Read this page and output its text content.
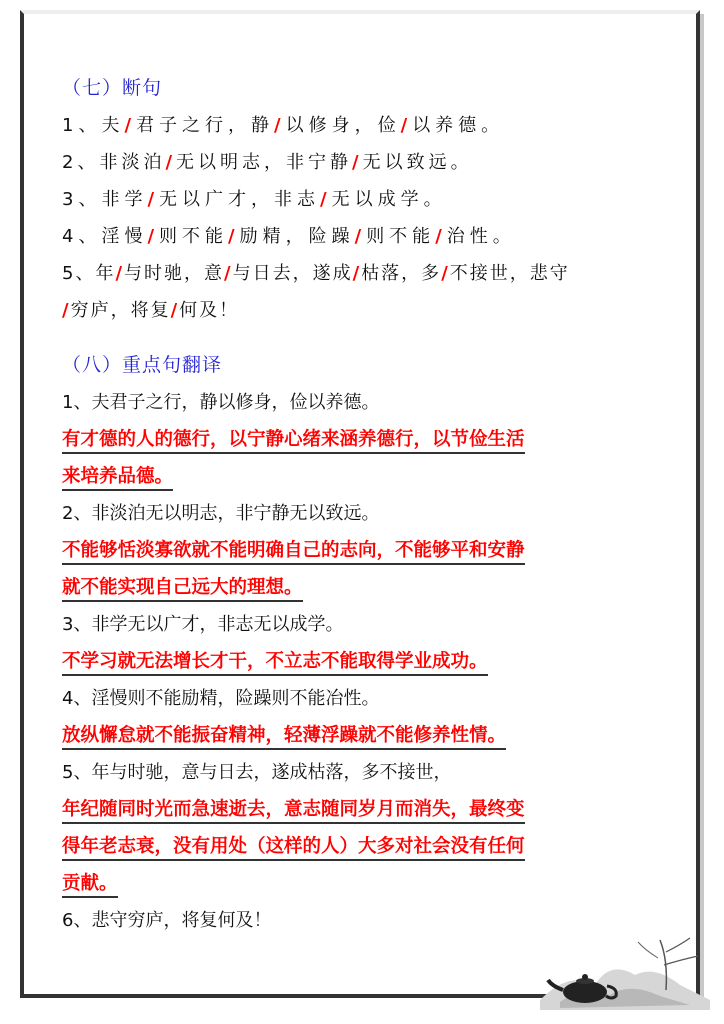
（七）断句
1、夫/君子之行，静/以修身，俭/以养德。
2、非淡泊/无以明志，非宁静/无以致远。
3、非学/无以广才，非志/无以成学。
4、淫慢/则不能/励精，险躁/则不能/治性。
5、年/与时驰，意/与日去，遂成/枯落，多/不接世，悲守
/穷庐，将复/何及！
（八）重点句翻译
1、夫君子之行，静以修身，俭以养德。
有才德的人的德行，以宁静心绪来涵养德行，以节俭生活
来培养品德。
2、非淡泊无以明志，非宁静无以致远。
不能够恬淡寡欲就不能明确自己的志向，不能够平和安静
就不能实现自己远大的理想。
3、非学无以广才，非志无以成学。
不学习就无法增长才干，不立志不能取得学业成功。
4、淫慢则不能励精，险躁则不能冶性。
放纵懈怠就不能振奋精神，轻薄浮躁就不能修养性情。
5、年与时驰，意与日去，遂成枯落，多不接世，
年纪随同时光而急速逝去，意志随同岁月而消失，最终变
得年老志衰，没有用处（这样的人）大多对社会没有任何
贡献。
6、悲守穷庐，将复何及！
